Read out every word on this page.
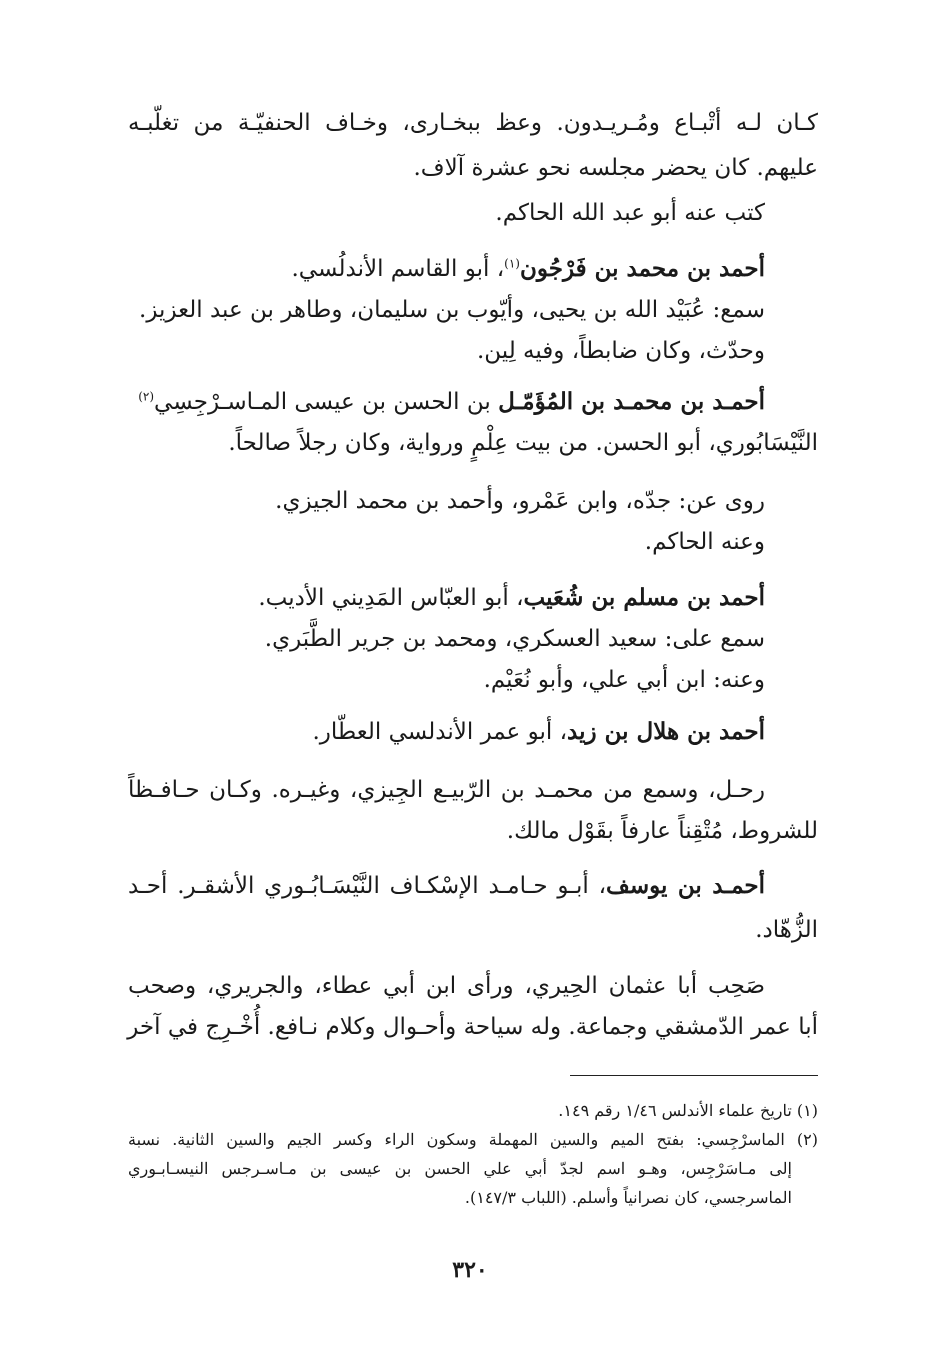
كـان لـه أتْبـاع ومُـريـدون. وعظ ببخـارى، وخـاف الحنفيّـة من تغلّبـه
عليهم. كان يحضر مجلسه نحو عشرة آلاف.
كتب عنه أبو عبد الله الحاكم.
أحمد بن محمد بن فَرْجُون$^{(١)}$، أبو القاسم الأندلُسي.
سمع: عُبَيْد الله بن يحيى، وأيّوب بن سليمان، وطاهر بن عبد العزيز.
وحدّث، وكان ضابطاً، وفيه لِين.
أحمـد بن محمـد بن المُؤَمّـل بن الحسن بن عيسى المـاسـرْجِسِي$^{(٢)}$
النَّيْسَابُوري، أبو الحسن. من بيت عِلْمٍ ورواية، وكان رجلاً صالحاً.
روى عن: جدّه، وابن عَمْرو، وأحمد بن محمد الجيزي.
وعنه الحاكم.
أحمد بن مسلم بن شُعَيب، أبو العبّاس المَدِيني الأديب.
سمع على: سعيد العسكري، ومحمد بن جرير الطَّبَري.
وعنه: ابن أبي علي، وأبو نُعَيْم.
أحمد بن هلال بن زيد، أبو عمر الأندلسي العطّار.
رحـل، وسمع من محمـد بن الرّبيـع الجِيزي، وغيـره. وكـان حـافـظاً
للشروط، مُتْقِناً عارفاً بقَوْل مالك.
أحمـد بن يوسف، أبـو حـامـد الإسْكـاف النَّيْسَـابُـوري الأشقـر. أحـد
الزُّهّاد.
صَحِب أبا عثمان الحِيري، ورأى ابن أبي عطاء، والجريري، وصحب
أبا عمر الدّمشقي وجماعة. وله سياحة وأحـوال وكلام نـافع. أُخْـرِج في آخر
(١) تاريخ علماء الأندلس ١/٤٦ رقم ١٤٩.
(٢) الماسرْجِسي: بفتح الميم والسين المهملة وسكون الراء وكسر الجيم والسين الثانية. نسبة
إلى مـاسَرْجِس، وهـو اسم لجدّ أبي علي الحسن بن عيسى بن مـاسـرجس النيسـابـوري
الماسرجسي، كان نصرانياً وأسلم. (اللباب ١٤٧/٣).
٣٢٠
